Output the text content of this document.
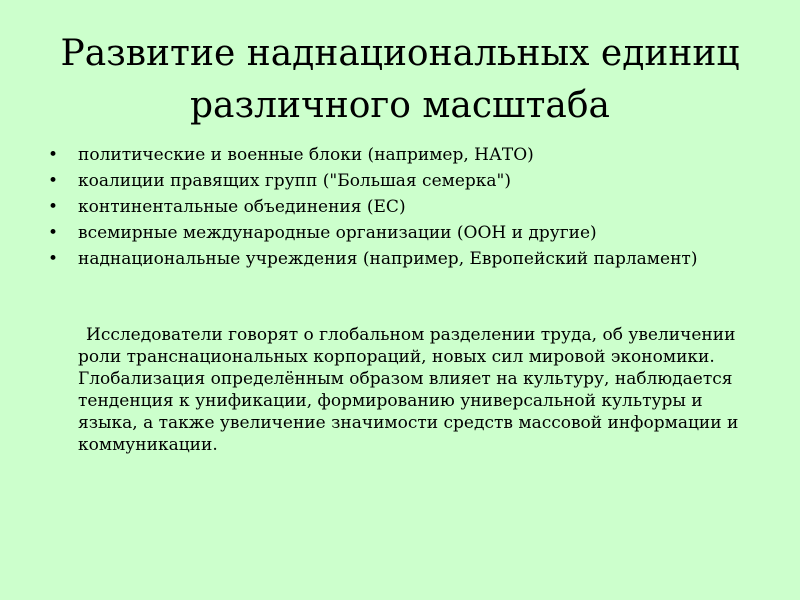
Развитие наднациональных единиц различного масштаба
• политические и военные блоки (например, НАТО)
• коалиции правящих групп ("Большая семерка")
• континентальные объединения (ЕС)
• всемирные международные организации (ООН и другие)
• наднациональные учреждения (например, Европейский парламент)

Исследователи говорят о глобальном разделении труда, об увеличении роли транснациональных корпораций, новых сил мировой экономики. Глобализация определённым образом влияет на культуру, наблюдается тенденция к унификации, формированию универсальной культуры и языка, а также увеличение значимости средств массовой информации и коммуникации.
